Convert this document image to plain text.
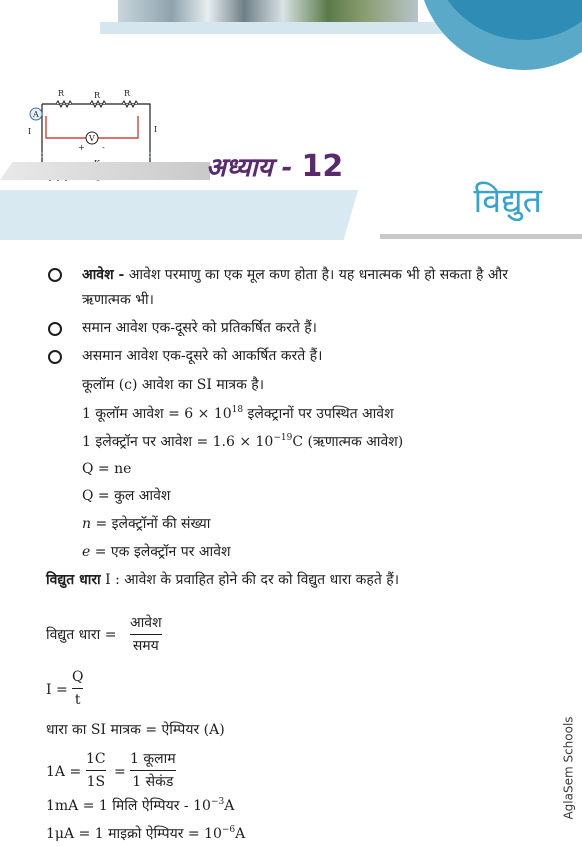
R	R	R
A
I	I
V
+ -
अध्याय - 12
विद्युत
आवेश - आवेश परमाणु का एक मूल कण होता है। यह धनात्मक भी हो सकता है और
ऋणात्मक भी।
समान आवेश एक-दूसरे को प्रतिकर्षित करते हैं।
असमान आवेश एक-दूसरे को आकर्षित करते हैं।
कूलॉम (c) आवेश का SI मात्रक है।
1 कूलॉम आवेश = $6 \times 10^{18}$ इलेक्ट्रानों पर उपस्थित आवेश
1 इलेक्ट्रॉन पर आवेश = $1.6 \times 10^{-19}C$ (ऋणात्मक आवेश)
Q = ne
Q = कुल आवेश
n = इलेक्ट्रॉनों की संख्या
e = एक इलेक्ट्रॉन पर आवेश
विद्युत धारा I : आवेश के प्रवाहित होने की दर को विद्युत धारा कहते हैं।
विद्युत धारा =
आवेश
समय
I =
Q
t
धारा का SI मात्रक = ऐम्पियर (A)
1A =
1C
1S
=
1 कूलाम
1 सेकंड
1mA = 1 मिलि ऐम्पियर - $10^{-3}A$
1μA = 1 माइक्रो ऐम्पियर = $10^{-6}A$
AglaSem Schools
